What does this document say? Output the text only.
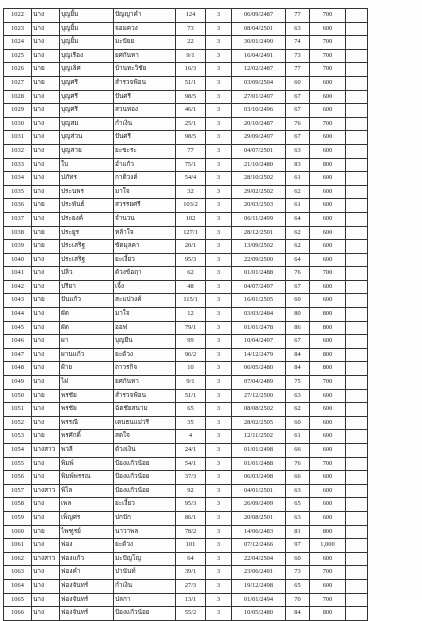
1022	นาง	บุญยิ้ม	ปัญญาคำ	124	3	06/09/2487	77	700	
1023	นาง	บุญยิ้ม	จอมควง	73	3	08/04/2501	63	600	
1024	นาง	บุญยิ้ม	มะปัยย	22	3	30/01/2490	74	700	
1025	นาง	บุญเรือง	ยศกันทา	9/1	3	16/04/2491	73	700	
1026	นาย	บุญเลิศ	บ้านทะวิชัย	16/3	3	12/02/2487	77	700	
1027	นาย	บุญศรี	สำรวจฟ้อน	51/1	3	03/09/2504	60	600	
1028	นาง	บุญศรี	ปันศรี	98/5	3	27/01/2497	67	600	
1029	นาง	บุญศรี	สวนทอง	46/1	3	03/10/2496	67	600	
1030	นาง	บุญสม	กำเงิน	25/1	3	20/10/2487	76	700	
1031	นาง	บุญส่วน	ปันศรี	98/5	3	29/09/2497	67	600	
1032	นาง	บุญสาย	ยะชะระ	77	3	04/07/2501	63	600	
1033	นาง	ใบ	อำแก้ว	75/1	3	21/10/2480	83	800	
1034	นาง	ปภัทร	กาติวงค์	54/4	3	28/10/2502	61	600	
1035	นาง	ประนพร	มาใจ	32	3	29/02/2502	62	600	
1036	นาย	ประพันธ์	สวรรยศรี	103/2	3	20/03/2503	61	600	
1037	นาง	ประยงค์	จำนวน	102	3	06/11/2499	64	600	
1038	นาย	ประยูร	หล้าใจ	127/1	3	28/12/2501	62	600	
1039	นาย	ประเสริฐ	ขัดมุลคา	20/1	3	13/09/2502	62	600	
1040	นาง	ประเสริฐ	ยะเงี้ยว	95/3	3	22/09/2500	64	600	
1041	นาง	ปลิว	ด้วงข้อฤา	62	3	01/01/2488	76	700	
1042	นาง	ปรียา	เจิ้ง	48	3	04/07/2497	67	600	
1043	นาย	ปันแก้ว	สะแปวงค์	115/1	3	16/01/2505	60	600	
1044	นาง	ผัด	มาใจ	12	3	03/03/2484	80	800	
1045	นาง	ผัด	ออฟ	79/1	3	01/01/2478	86	800	
1046	นาง	ผา	บุญยืน	99	3	10/04/2497	67	600	
1047	นาง	ผานแก้ว	ยะด้วง	96/2	3	14/12/2479	84	800	
1048	นาง	ฝ้าย	ถาวรกิจ	10	3	06/05/2480	84	800	
1049	นาง	ไฝ	ยศกันทา	9/1	3	07/04/2489	75	700	
1050	นาย	พรชัย	สำรวจฟ้อน	51/1	3	27/12/2500	63	600	
1051	นาง	พรชัย	ฉัตชัยสนาม	65	3	08/08/2502	62	600	
1052	นาง	พรรณี	เตบธนแม่วรี	35	3	28/02/2505	60	600	
1053	นาย	พรศักดิ์	สตใจ	4	3	12/11/2502	61	600	
1054	นางสาว	พวลี	ด้วงเงิน	24/1	3	01/01/2498	66	600	
1055	นาง	พิมพ์	ป้องแก้วน้อย	54/1	3	01/01/2488	76	700	
1056	นาง	พิมพ์พรรณ	ป้องแก้วน้อย	37/3	3	06/03/2498	66	600	
1057	นางสาว	พิไล	ป้องแก้วน้อย	92	3	04/01/2501	63	600	
1058	นาง	เพล	ยะเงี้ยว	95/3	3	26/09/2499	65	600	
1059	นาง	เพ็ญศร	ปกปัก	86/1	3	20/08/2501	63	600	
1060	นาย	ไพฑูรย์	นาวาพล	78/2	3	14/06/2483	81	800	
1061	นาง	ฟอง	ยะด้วง	101	3	07/12/2466	97	1,000	
1062	นางสาว	ฟองแก้ว	มะปัญโญ	64	3	22/04/2504	60	600	
1063	นาง	ฟองคำ	ปานันท์	39/1	3	23/06/2491	73	700	
1064	นาง	ฟองจันทร์	กำเงิน	27/3	3	19/12/2498	65	600	
1065	นาง	ฟองจันทร์	ปลกา	13/1	3	01/01/2494	70	700	
1066	นาง	ฟองจันทร์	ป้องแก้วน้อย	55/2	3	10/05/2480	84	800	
